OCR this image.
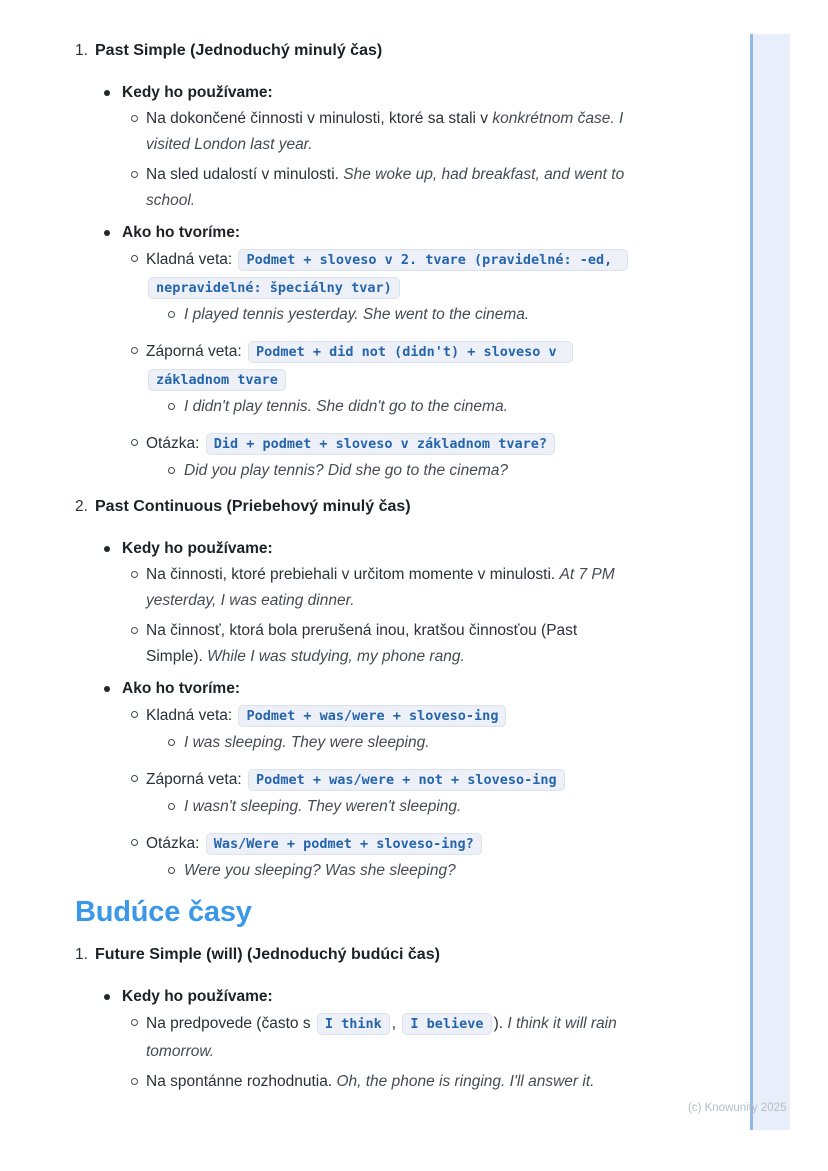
1. Past Simple (Jednoduchý minulý čas)
Kedy ho používame:
Na dokončené činnosti v minulosti, ktoré sa stali v konkrétnom čase. I visited London last year.
Na sled udalostí v minulosti. She woke up, had breakfast, and went to school.
Ako ho tvoríme:
Kladná veta: Podmet + sloveso v 2. tvare (pravidelné: -ed, nepravidelné: špeciálny tvar)
I played tennis yesterday. She went to the cinema.
Záporná veta: Podmet + did not (didn't) + sloveso v základnom tvare
I didn't play tennis. She didn't go to the cinema.
Otázka: Did + podmet + sloveso v základnom tvare?
Did you play tennis? Did she go to the cinema?
2. Past Continuous (Priebehový minulý čas)
Kedy ho používame:
Na činnosti, ktoré prebiehali v určitom momente v minulosti. At 7 PM yesterday, I was eating dinner.
Na činnosť, ktorá bola prerušená inou, kratšou činnosťou (Past Simple). While I was studying, my phone rang.
Ako ho tvoríme:
Kladná veta: Podmet + was/were + sloveso-ing
I was sleeping. They were sleeping.
Záporná veta: Podmet + was/were + not + sloveso-ing
I wasn't sleeping. They weren't sleeping.
Otázka: Was/Were + podmet + sloveso-ing?
Were you sleeping? Was she sleeping?
Budúce časy
1. Future Simple (will) (Jednoduchý budúci čas)
Kedy ho používame:
Na predpovede (často s I think , I believe ). I think it will rain tomorrow.
Na spontánne rozhodnutia. Oh, the phone is ringing. I'll answer it.
(c) Knowunity 2025
